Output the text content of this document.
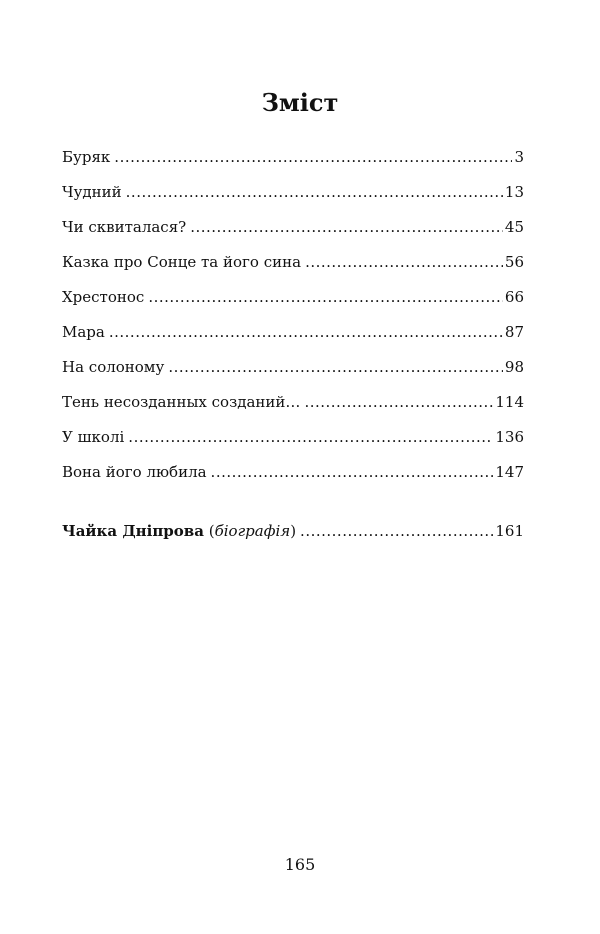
Зміст
Буряк .....	3
Чудний .....	13
Чи сквиталася? .....	45
Казка про Сонце та його сина .....	56
Хрестонос .....	66
Мара .....	87
На солоному .....	98
Тень несозданных созданий… .....	114
У школі .....	136
Вона його любила .....	147
Чайка Дніпрова (біографія) .....	161
165
